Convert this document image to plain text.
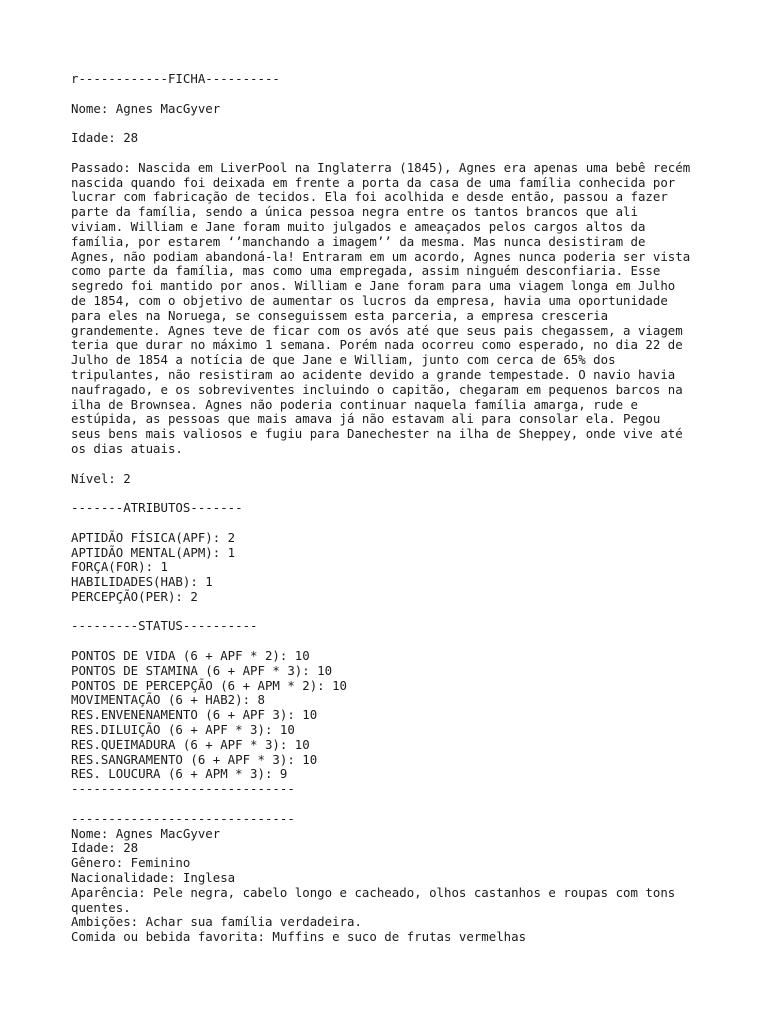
r------------FICHA----------
Nome: Agnes MacGyver
Idade: 28
Passado: Nascida em LiverPool na Inglaterra (1845), Agnes era apenas uma bebê recém
nascida quando foi deixada em frente a porta da casa de uma família conhecida por
lucrar com fabricação de tecidos. Ela foi acolhida e desde então, passou a fazer
parte da família, sendo a única pessoa negra entre os tantos brancos que ali
viviam. William e Jane foram muito julgados e ameaçados pelos cargos altos da
família, por estarem ‘’manchando a imagem’’ da mesma. Mas nunca desistiram de
Agnes, não podiam abandoná-la! Entraram em um acordo, Agnes nunca poderia ser vista
como parte da família, mas como uma empregada, assim ninguém desconfiaria. Esse
segredo foi mantido por anos. William e Jane foram para uma viagem longa em Julho
de 1854, com o objetivo de aumentar os lucros da empresa, havia uma oportunidade
para eles na Noruega, se conseguissem esta parceria, a empresa cresceria
grandemente. Agnes teve de ficar com os avós até que seus pais chegassem, a viagem
teria que durar no máximo 1 semana. Porém nada ocorreu como esperado, no dia 22 de
Julho de 1854 a notícia de que Jane e William, junto com cerca de 65% dos
tripulantes, não resistiram ao acidente devido a grande tempestade. O navio havia
naufragado, e os sobreviventes incluindo o capitão, chegaram em pequenos barcos na
ilha de Brownsea. Agnes não poderia continuar naquela família amarga, rude e
estúpida, as pessoas que mais amava já não estavam ali para consolar ela. Pegou
seus bens mais valiosos e fugiu para Danechester na ilha de Sheppey, onde vive até
os dias atuais.
Nível: 2
-------ATRIBUTOS-------
APTIDÃO FÍSICA(APF): 2
APTIDÃO MENTAL(APM): 1
FORÇA(FOR): 1
HABILIDADES(HAB): 1
PERCEPÇÃO(PER): 2
---------STATUS----------
PONTOS DE VIDA (6 + APF * 2): 10
PONTOS DE STAMINA (6 + APF * 3): 10
PONTOS DE PERCEPÇÃO (6 + APM * 2): 10
MOVIMENTAÇÃO (6 + HAB2): 8
RES.ENVENENAMENTO (6 + APF 3): 10
RES.DILUIÇÃO (6 + APF * 3): 10
RES.QUEIMADURA (6 + APF * 3): 10
RES.SANGRAMENTO (6 + APF * 3): 10
RES. LOUCURA (6 + APM * 3): 9
------------------------------
------------------------------
Nome: Agnes MacGyver
Idade: 28
Gênero: Feminino
Nacionalidade: Inglesa
Aparência: Pele negra, cabelo longo e cacheado, olhos castanhos e roupas com tons
quentes.
Ambições: Achar sua família verdadeira.
Comida ou bebida favorita: Muffins e suco de frutas vermelhas
